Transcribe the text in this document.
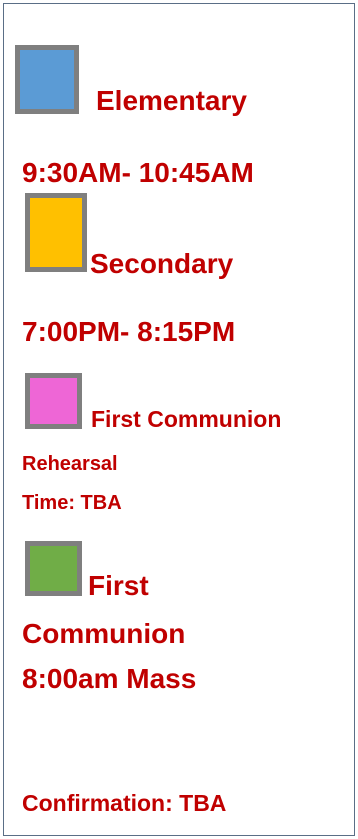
Elementary
9:30AM- 10:45AM
Secondary
7:00PM- 8:15PM
First Communion
Rehearsal
Time: TBA
First
Communion
8:00am Mass
Confirmation: TBA
